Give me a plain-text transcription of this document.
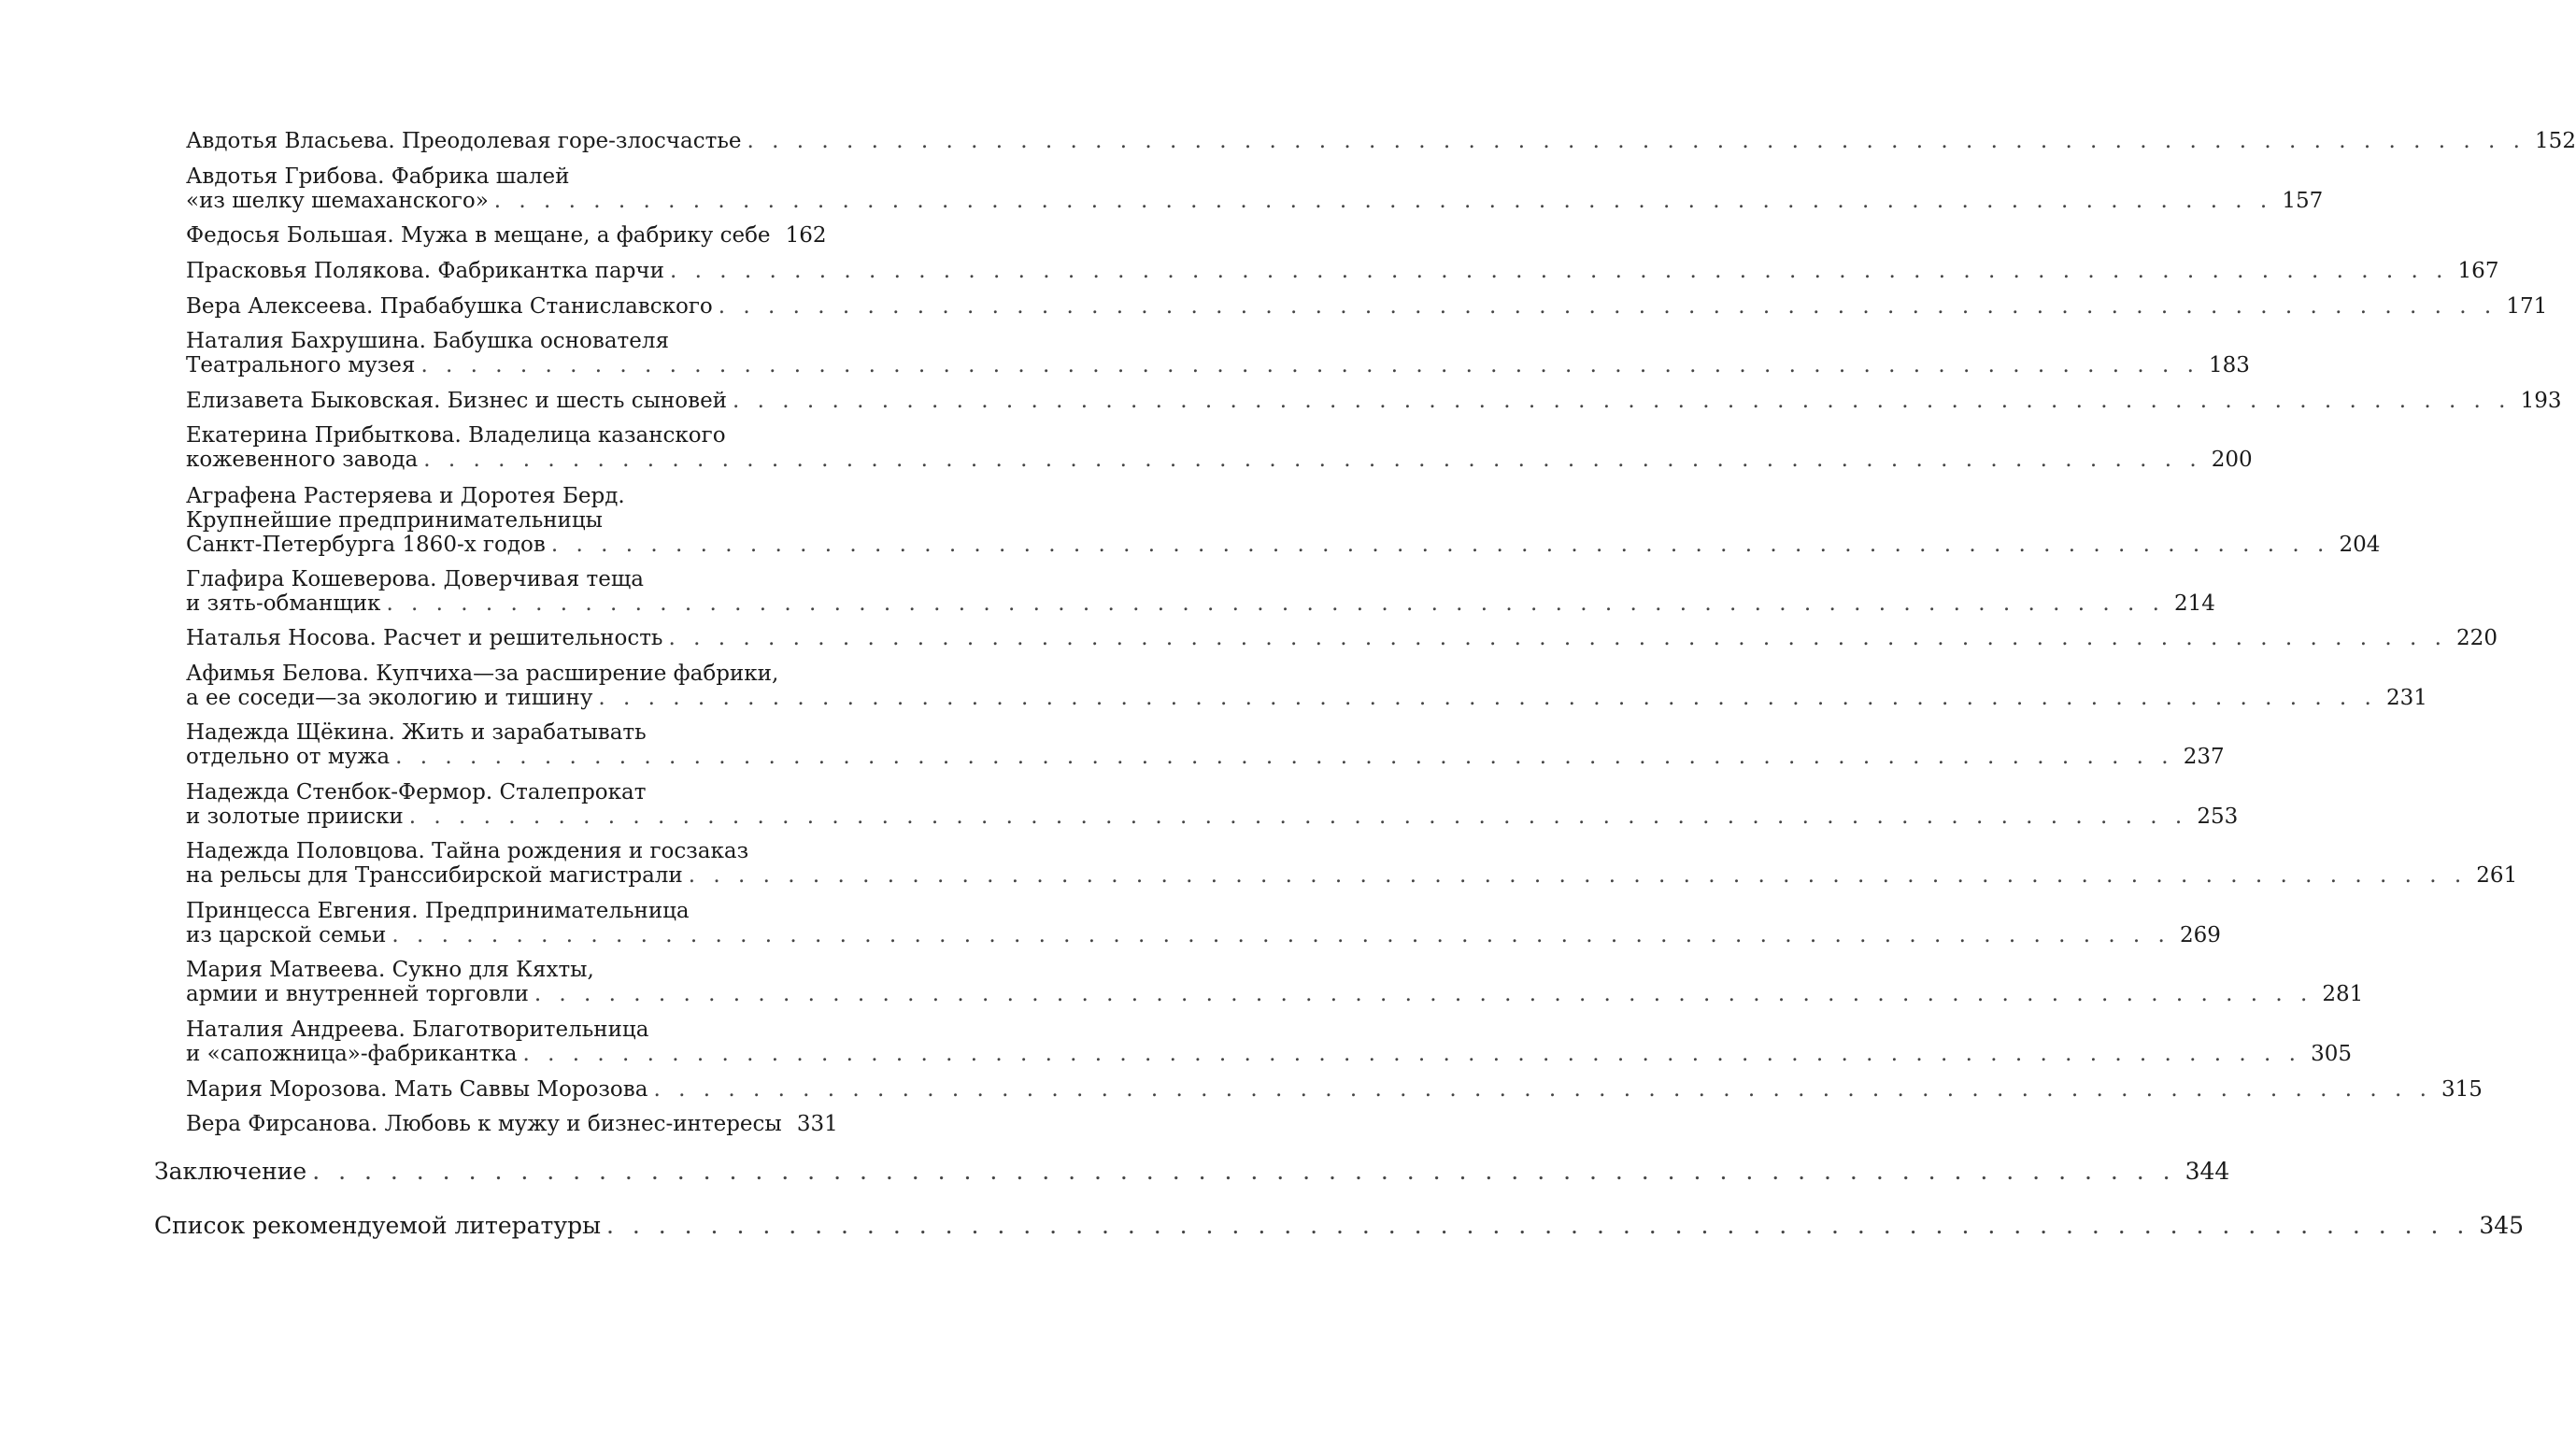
Авдотья Власьева. Преодолевая горе-злосчастье . . . . . . . . . . . . . . . . . . . . . . . . . . . . . . . . . . . . . . . . . . . . . . . . . . . . . . . . . . . . . . . . . . . . . . . . 152
Авдотья Грибова. Фабрика шалей
«из шелку шемаханского» . . . . . . . . . . . . . . . . . . . . . . . . . . . . . . . . . . . . . . . . . . . . . . . . . . . . . . . . . . . . . . . . . . . . . . . . 157
Федосья Большая. Мужа в мещане, а фабрику себе 162
Прасковья Полякова. Фабрикантка парчи . . . . . . . . . . . . . . . . . . . . . . . . . . . . . . . . . . . . . . . . . . . . . . . . . . . . . . . . . . . . . . . . . . . . . . . . 167
Вера Алексеева. Прабабушка Станиславского . . . . . . . . . . . . . . . . . . . . . . . . . . . . . . . . . . . . . . . . . . . . . . . . . . . . . . . . . . . . . . . . . . . . . . . . 171
Наталия Бахрушина. Бабушка основателя
Театрального музея . . . . . . . . . . . . . . . . . . . . . . . . . . . . . . . . . . . . . . . . . . . . . . . . . . . . . . . . . . . . . . . . . . . . . . . . 183
Елизавета Быковская. Бизнес и шесть сыновей . . . . . . . . . . . . . . . . . . . . . . . . . . . . . . . . . . . . . . . . . . . . . . . . . . . . . . . . . . . . . . . . . . . . . . . . 193
Екатерина Прибыткова. Владелица казанского
кожевенного завода . . . . . . . . . . . . . . . . . . . . . . . . . . . . . . . . . . . . . . . . . . . . . . . . . . . . . . . . . . . . . . . . . . . . . . . . 200
Аграфена Растеряева и Доротея Берд.
Крупнейшие предпринимательницы
Санкт-Петербурга 1860-х годов . . . . . . . . . . . . . . . . . . . . . . . . . . . . . . . . . . . . . . . . . . . . . . . . . . . . . . . . . . . . . . . . . . . . . . . . 204
Глафира Кошеверова. Доверчивая теща
и зять-обманщик . . . . . . . . . . . . . . . . . . . . . . . . . . . . . . . . . . . . . . . . . . . . . . . . . . . . . . . . . . . . . . . . . . . . . . . . 214
Наталья Носова. Расчет и решительность . . . . . . . . . . . . . . . . . . . . . . . . . . . . . . . . . . . . . . . . . . . . . . . . . . . . . . . . . . . . . . . . . . . . . . . . 220
Афимья Белова. Купчиха—за расширение фабрики,
а ее соседи—за экологию и тишину . . . . . . . . . . . . . . . . . . . . . . . . . . . . . . . . . . . . . . . . . . . . . . . . . . . . . . . . . . . . . . . . . . . . . . . . 231
Надежда Щёкина. Жить и зарабатывать
отдельно от мужа . . . . . . . . . . . . . . . . . . . . . . . . . . . . . . . . . . . . . . . . . . . . . . . . . . . . . . . . . . . . . . . . . . . . . . . . 237
Надежда Стенбок-Фермор. Сталепрокат
и золотые прииски . . . . . . . . . . . . . . . . . . . . . . . . . . . . . . . . . . . . . . . . . . . . . . . . . . . . . . . . . . . . . . . . . . . . . . . . 253
Надежда Половцова. Тайна рождения и госзаказ
на рельсы для Транссибирской магистрали . . . . . . . . . . . . . . . . . . . . . . . . . . . . . . . . . . . . . . . . . . . . . . . . . . . . . . . . . . . . . . . . . . . . . . . . 261
Принцесса Евгения. Предпринимательница
из царской семьи . . . . . . . . . . . . . . . . . . . . . . . . . . . . . . . . . . . . . . . . . . . . . . . . . . . . . . . . . . . . . . . . . . . . . . . . 269
Мария Матвеева. Сукно для Кяхты,
армии и внутренней торговли . . . . . . . . . . . . . . . . . . . . . . . . . . . . . . . . . . . . . . . . . . . . . . . . . . . . . . . . . . . . . . . . . . . . . . . . 281
Наталия Андреева. Благотворительница
и «сапожница»-фабрикантка . . . . . . . . . . . . . . . . . . . . . . . . . . . . . . . . . . . . . . . . . . . . . . . . . . . . . . . . . . . . . . . . . . . . . . . . 305
Мария Морозова. Мать Саввы Морозова . . . . . . . . . . . . . . . . . . . . . . . . . . . . . . . . . . . . . . . . . . . . . . . . . . . . . . . . . . . . . . . . . . . . . . . . 315
Вера Фирсанова. Любовь к мужу и бизнес-интересы 331
Заключение . . . . . . . . . . . . . . . . . . . . . . . . . . . . . . . . . . . . . . . . . . . . . . . . . . . . . . . . . . . . . . . . . . . . . . . . 344
Список рекомендуемой литературы . . . . . . . . . . . . . . . . . . . . . . . . . . . . . . . . . . . . . . . . . . . . . . . . . . . . . . . . . . . . . . . . . . . . . . . . 345
